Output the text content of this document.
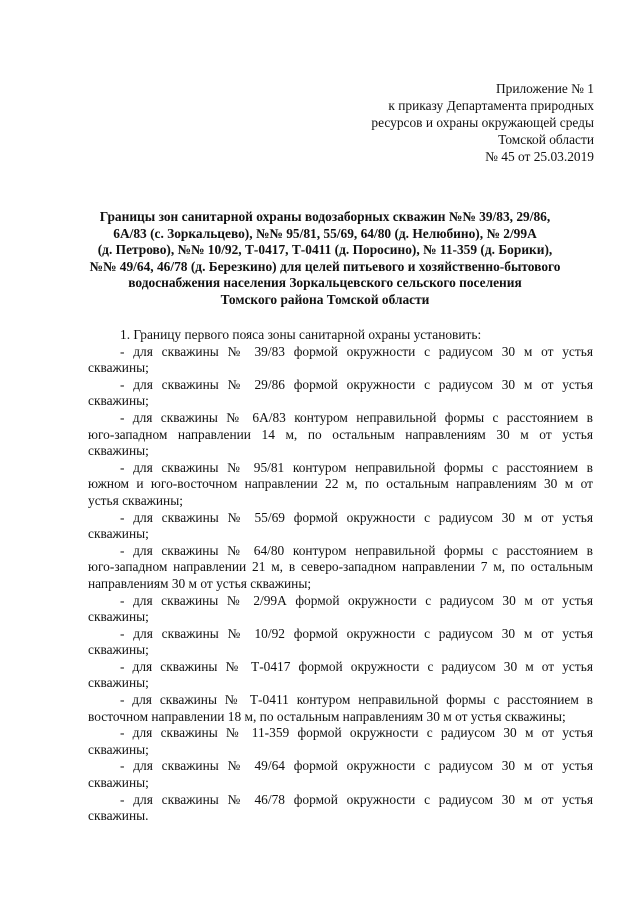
Приложение № 1
к приказу Департамента природных
ресурсов и охраны окружающей среды
Томской области
№ 45 от 25.03.2019
Границы зон санитарной охраны водозаборных скважин №№ 39/83, 29/86,
6А/83 (с. Зоркальцево), №№ 95/81, 55/69, 64/80 (д. Нелюбино), № 2/99А
(д. Петрово), №№ 10/92, Т-0417, Т-0411 (д. Поросино), № 11-359 (д. Борики),
№№ 49/64, 46/78 (д. Березкино) для целей питьевого и хозяйственно-бытового
водоснабжения населения Зоркальцевского сельского поселения
Томского района Томской области

1. Границу первого пояса зоны санитарной охраны установить:

- для скважины № 39/83 формой окружности с радиусом 30 м от устья
скважины;
- для скважины № 29/86 формой окружности с радиусом 30 м от устья
скважины;
- для скважины № 6А/83 контуром неправильной формы с расстоянием в
юго-западном направлении 14 м, по остальным направлениям 30 м от устья
скважины;
- для скважины № 95/81 контуром неправильной формы с расстоянием в
южном и юго-восточном направлении 22 м, по остальным направлениям 30 м от
устья скважины;
- для скважины № 55/69 формой окружности с радиусом 30 м от устья
скважины;
- для скважины № 64/80 контуром неправильной формы с расстоянием в
юго-западном направлении 21 м, в северо-западном направлении 7 м, по остальным
направлениям 30 м от устья скважины;
- для скважины № 2/99А формой окружности с радиусом 30 м от устья
скважины;
- для скважины № 10/92 формой окружности с радиусом 30 м от устья
скважины;
- для скважины № Т-0417 формой окружности с радиусом 30 м от устья
скважины;
- для скважины № Т-0411 контуром неправильной формы с расстоянием в
восточном направлении 18 м, по остальным направлениям 30 м от устья скважины;
- для скважины № 11-359 формой окружности с радиусом 30 м от устья
скважины;
- для скважины № 49/64 формой окружности с радиусом 30 м от устья
скважины;
- для скважины № 46/78 формой окружности с радиусом 30 м от устья
скважины.
